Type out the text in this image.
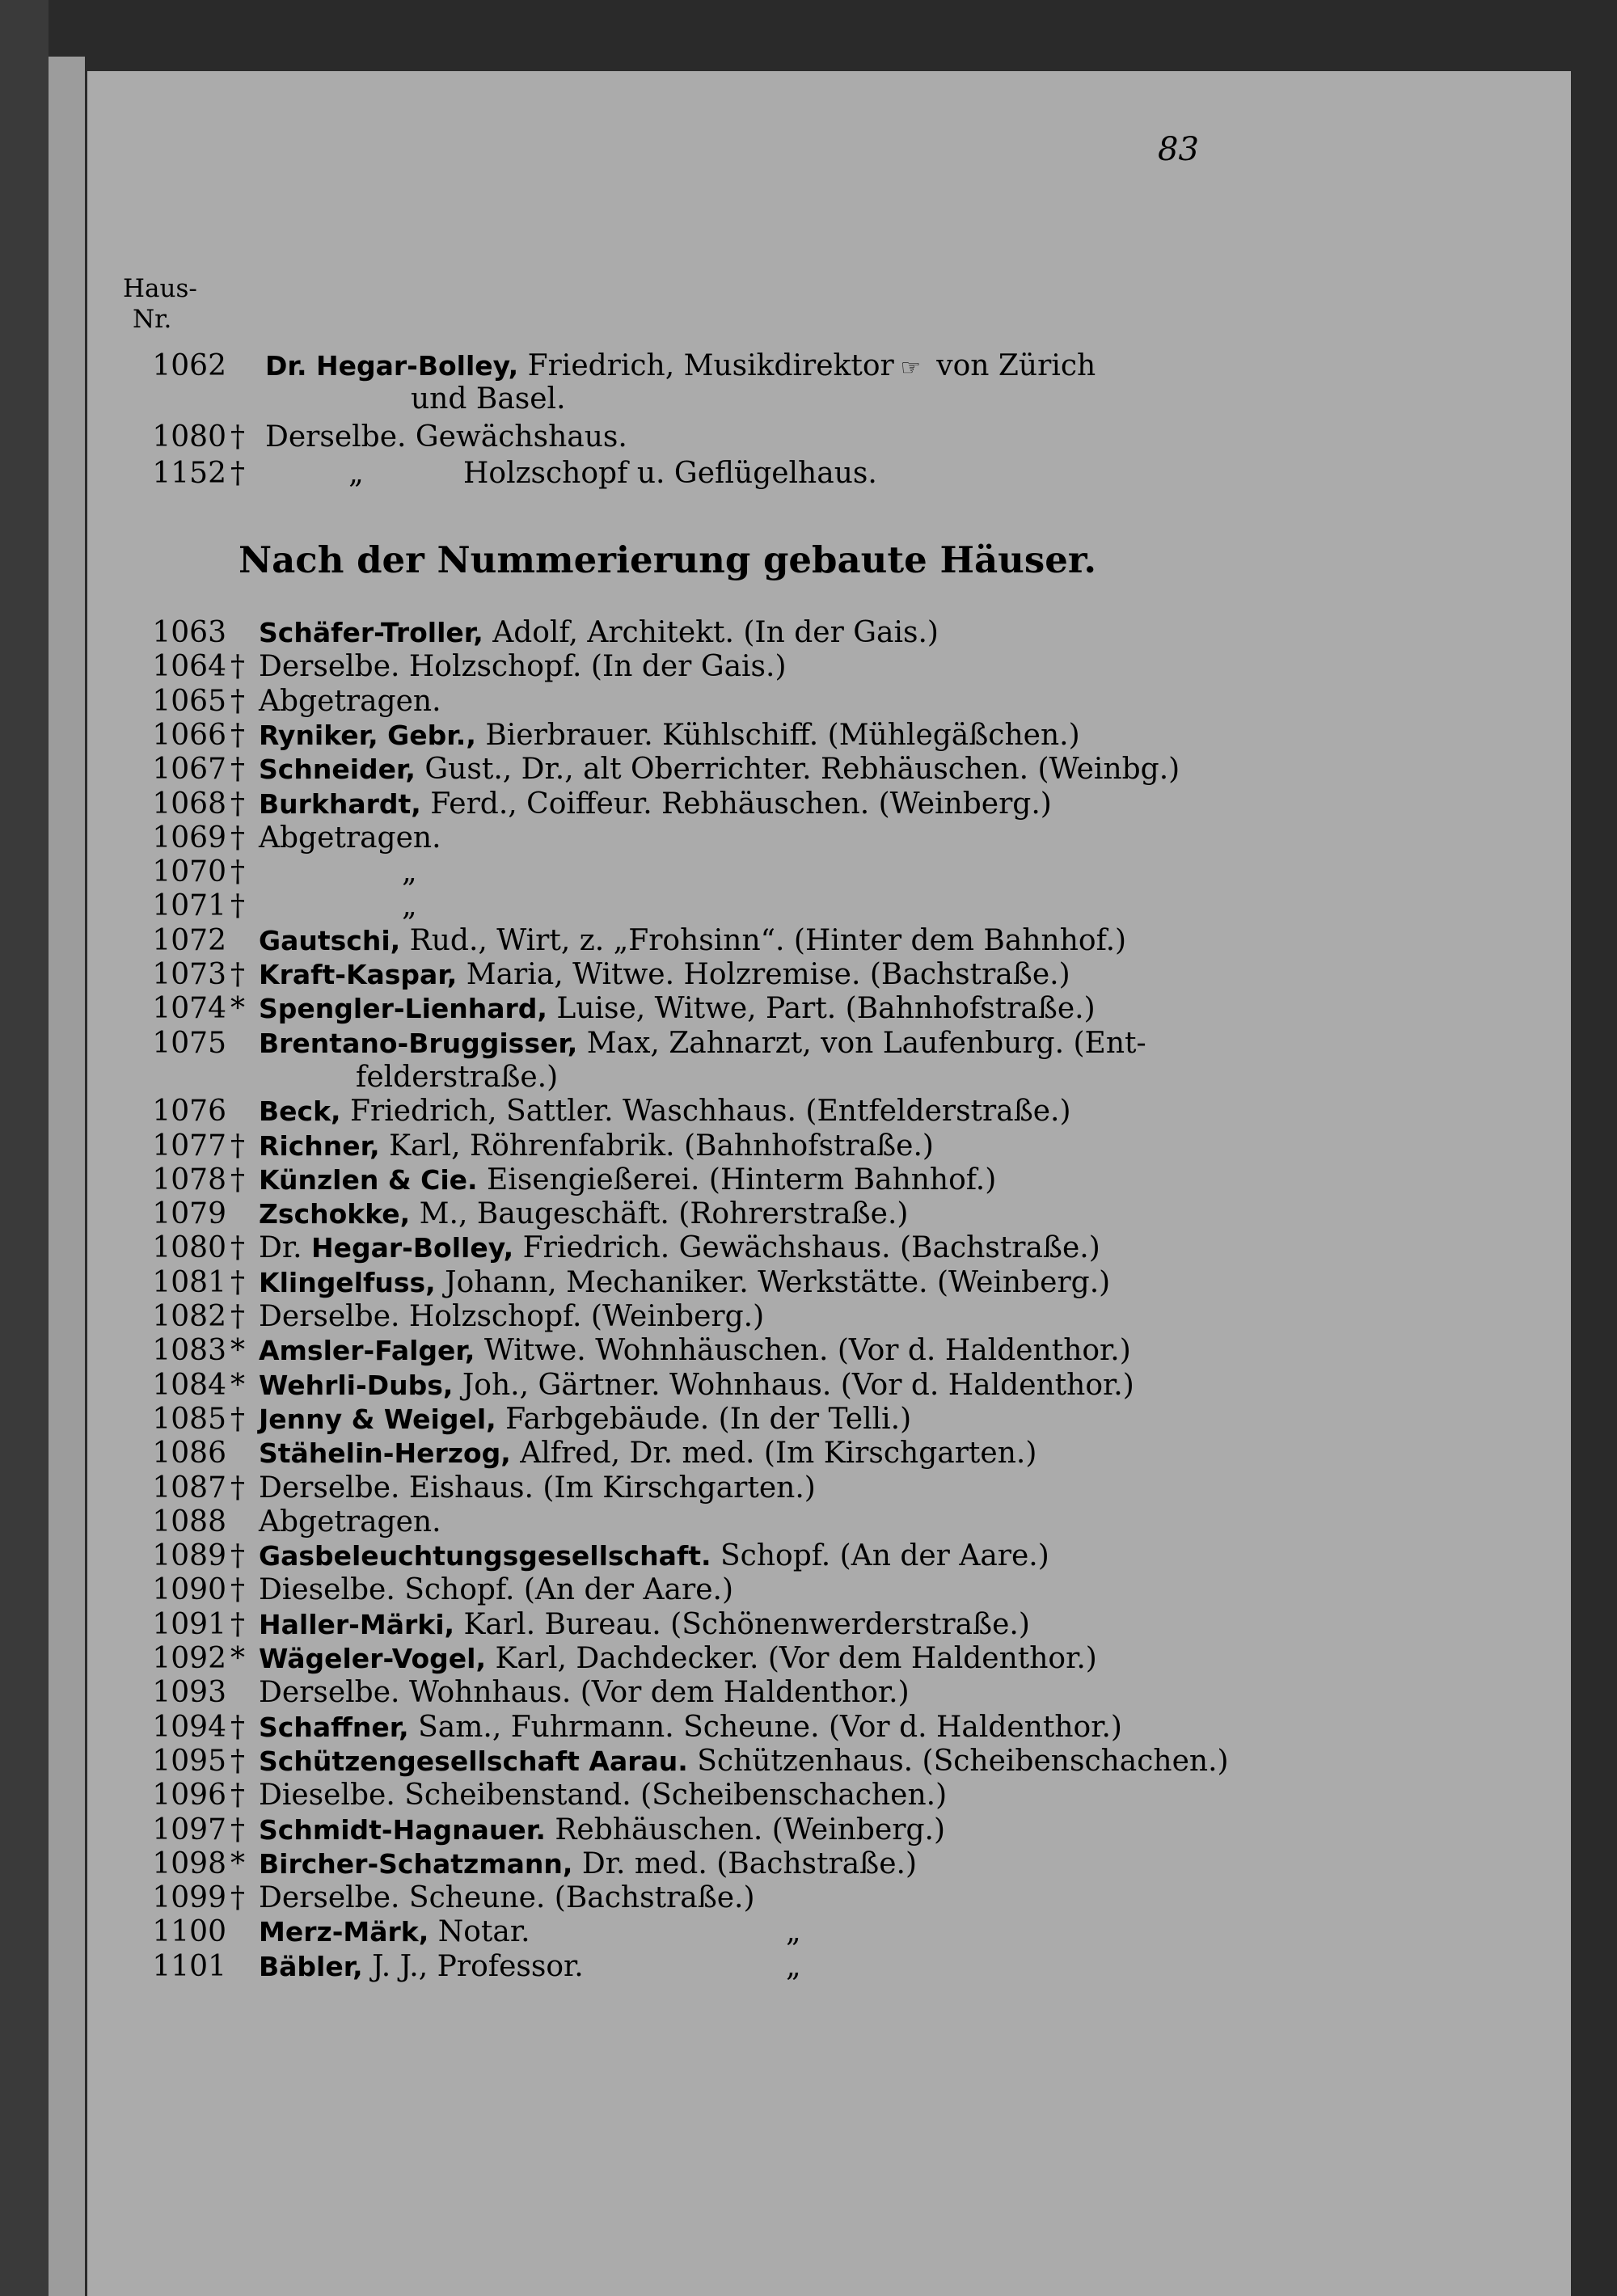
83
Haus-
Nr.
1062 Dr. Hegar-Bolley, Friedrich, Musikdirektor ☞ von Zürich
und Basel.
1080 † Derselbe. Gewächshaus.
1152 †	„	Holzschopf u. Geflügelhaus.
Nach der Nummerierung gebaute Häuser.
1063 Schäfer-Troller, Adolf, Architekt. (In der Gais.)
1064 † Derselbe. Holzschopf. (In der Gais.)
1065 † Abgetragen.
1066 † Ryniker, Gebr., Bierbrauer. Kühlschiff. (Mühlegäßchen.)
1067 † Schneider, Gust., Dr., alt Oberrichter. Rebhäuschen. (Weinbg.)
1068 † Burkhardt, Ferd., Coiffeur. Rebhäuschen. (Weinberg.)
1069 † Abgetragen.
1070 †	„
1071 †	„
1072 Gautschi, Rud., Wirt, z. „Frohsinn“. (Hinter dem Bahnhof.)
1073 † Kraft-Kaspar, Maria, Witwe. Holzremise. (Bachstraße.)
1074 * Spengler-Lienhard, Luise, Witwe, Part. (Bahnhofstraße.)
1075 Brentano-Bruggisser, Max, Zahnarzt, von Laufenburg. (Ent-
felderstraße.)
1076 Beck, Friedrich, Sattler. Waschhaus. (Entfelderstraße.)
1077 † Richner, Karl, Röhrenfabrik. (Bahnhofstraße.)
1078 † Künzlen & Cie. Eisengießerei. (Hinterm Bahnhof.)
1079 Zschokke, M., Baugeschäft. (Rohrerstraße.)
1080 † Dr. Hegar-Bolley, Friedrich. Gewächshaus. (Bachstraße.)
1081 † Klingelfuss, Johann, Mechaniker. Werkstätte. (Weinberg.)
1082 † Derselbe. Holzschopf. (Weinberg.)
1083 * Amsler-Falger, Witwe. Wohnhäuschen. (Vor d. Haldenthor.)
1084 * Wehrli-Dubs, Joh., Gärtner. Wohnhaus. (Vor d. Haldenthor.)
1085 † Jenny & Weigel, Farbgebäude. (In der Telli.)
1086 Stähelin-Herzog, Alfred, Dr. med. (Im Kirschgarten.)
1087 † Derselbe. Eishaus. (Im Kirschgarten.)
1088 Abgetragen.
1089 † Gasbeleuchtungsgesellschaft. Schopf. (An der Aare.)
1090 † Dieselbe. Schopf. (An der Aare.)
1091 † Haller-Märki, Karl. Bureau. (Schönenwerderstraße.)
1092 * Wägeler-Vogel, Karl, Dachdecker. (Vor dem Haldenthor.)
1093 Derselbe. Wohnhaus. (Vor dem Haldenthor.)
1094 † Schaffner, Sam., Fuhrmann. Scheune. (Vor d. Haldenthor.)
1095 † Schützengesellschaft Aarau. Schützenhaus. (Scheibenschachen.)
1096 † Dieselbe. Scheibenstand. (Scheibenschachen.)
1097 † Schmidt-Hagnauer. Rebhäuschen. (Weinberg.)
1098 * Bircher-Schatzmann, Dr. med. (Bachstraße.)
1099 † Derselbe. Scheune. (Bachstraße.)
1100 Merz-Märk, Notar.	„
1101 Bäbler, J. J., Professor.	„
